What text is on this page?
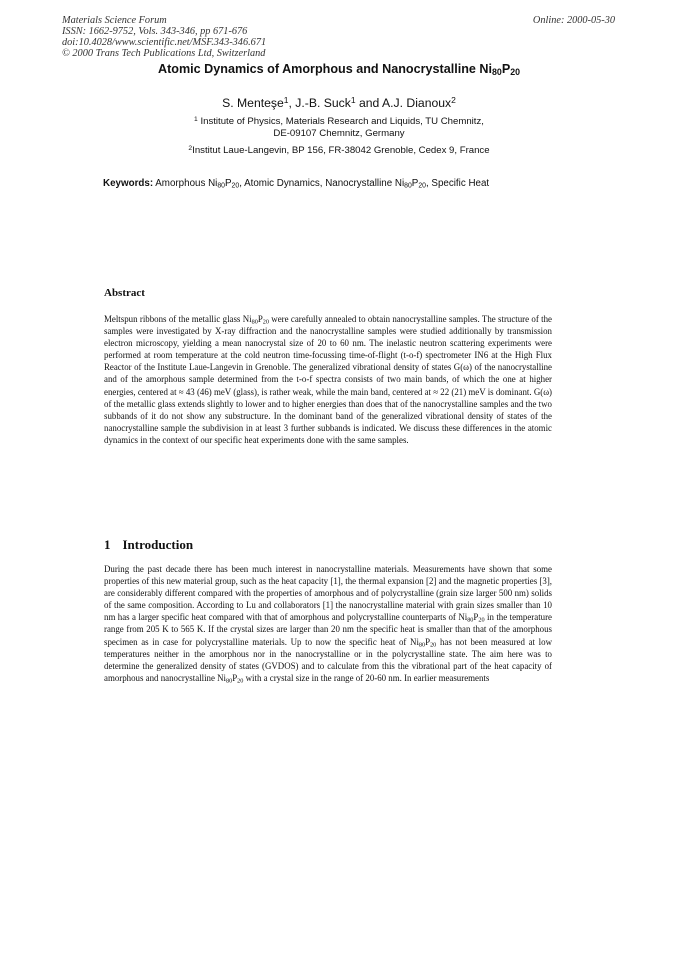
Materials Science Forum
ISSN: 1662-9752, Vols. 343-346, pp 671-676
doi:10.4028/www.scientific.net/MSF.343-346.671
© 2000 Trans Tech Publications Ltd, Switzerland
Online: 2000-05-30
Atomic Dynamics of Amorphous and Nanocrystalline $Ni_{80}P_{20}$
S. Menteşe$^1$, J.-B. Suck$^1$ and A.J. Dianoux$^2$
$^1$ Institute of Physics, Materials Research and Liquids, TU Chemnitz,
DE-09107 Chemnitz, Germany
$^2$Institut Laue-Langevin, BP 156, FR-38042 Grenoble, Cedex 9, France
Keywords: Amorphous $Ni_{80}P_{20}$, Atomic Dynamics, Nanocrystalline $Ni_{80}P_{20}$, Specific Heat
Abstract
Meltspun ribbons of the metallic glass $Ni_{80}P_{20}$ were carefully annealed to obtain nanocrystalline samples. The structure of the samples were investigated by X-ray diffraction and the nanocrystalline samples were studied additionally by transmission electron microscopy, yielding a mean nanocrystal size of 20 to 60 nm. The inelastic neutron scattering experiments were performed at room temperature at the cold neutron time-focussing time-of-flight (t-o-f) spectrometer IN6 at the High Flux Reactor of the Institute Laue-Langevin in Grenoble. The generalized vibrational density of states G(ω) of the nanocrystalline and of the amorphous sample determined from the t-o-f spectra consists of two main bands, of which the one at higher energies, centered at ≈ 43 (46) meV (glass), is rather weak, while the main band, centered at ≈ 22 (21) meV is dominant. G(ω) of the metallic glass extends slightly to lower and to higher energies than does that of the nanocrystalline samples and the two subbands of it do not show any substructure. In the dominant band of the generalized vibrational density of states of the nanocrystalline sample the subdivision in at least 3 further subbands is indicated. We discuss these differences in the atomic dynamics in the context of our specific heat experiments done with the same samples.
1 Introduction
During the past decade there has been much interest in nanocrystalline materials. Measurements have shown that some properties of this new material group, such as the heat capacity [1], the thermal expansion [2] and the magnetic properties [3], are considerably different compared with the properties of amorphous and of polycrystalline (grain size larger 500 nm) solids of the same composition. According to Lu and collaborators [1] the nanocrystalline material with grain sizes smaller than 10 nm has a larger specific heat compared with that of amorphous and polycrystalline counterparts of $Ni_{80}P_{20}$ in the temperature range from 205 K to 565 K. If the crystal sizes are larger than 20 nm the specific heat is smaller than that of the amorphous specimen as in case for polycrystalline materials. Up to now the specific heat of $Ni_{80}P_{20}$ has not been measured at low temperatures neither in the amorphous nor in the nanocrystalline or in the polycrystalline state. The aim here was to determine the generalized density of states (GVDOS) and to calculate from this the vibrational part of the heat capacity of amorphous and nanocrystalline $Ni_{80}P_{20}$ with a crystal size in the range of 20-60 nm. In earlier measurements
